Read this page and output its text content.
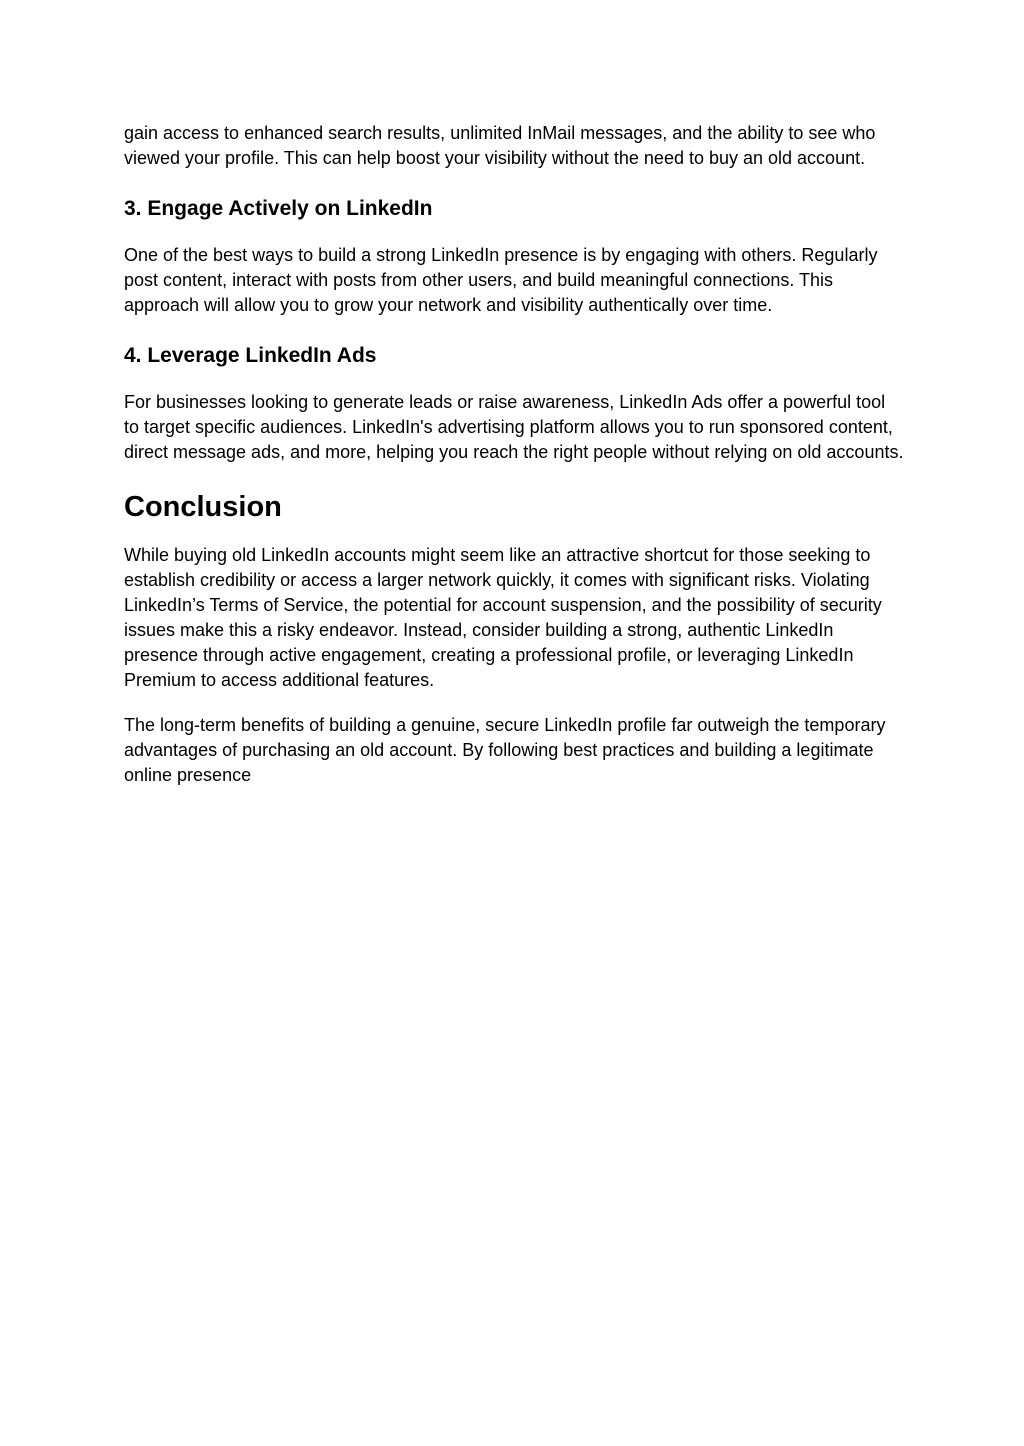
gain access to enhanced search results, unlimited InMail messages, and the ability to see who viewed your profile. This can help boost your visibility without the need to buy an old account.

3. Engage Actively on LinkedIn

One of the best ways to build a strong LinkedIn presence is by engaging with others. Regularly post content, interact with posts from other users, and build meaningful connections. This approach will allow you to grow your network and visibility authentically over time.

4. Leverage LinkedIn Ads

For businesses looking to generate leads or raise awareness, LinkedIn Ads offer a powerful tool to target specific audiences. LinkedIn's advertising platform allows you to run sponsored content, direct message ads, and more, helping you reach the right people without relying on old accounts.

Conclusion

While buying old LinkedIn accounts might seem like an attractive shortcut for those seeking to establish credibility or access a larger network quickly, it comes with significant risks. Violating LinkedIn’s Terms of Service, the potential for account suspension, and the possibility of security issues make this a risky endeavor. Instead, consider building a strong, authentic LinkedIn presence through active engagement, creating a professional profile, or leveraging LinkedIn Premium to access additional features.

The long-term benefits of building a genuine, secure LinkedIn profile far outweigh the temporary advantages of purchasing an old account. By following best practices and building a legitimate online presence
